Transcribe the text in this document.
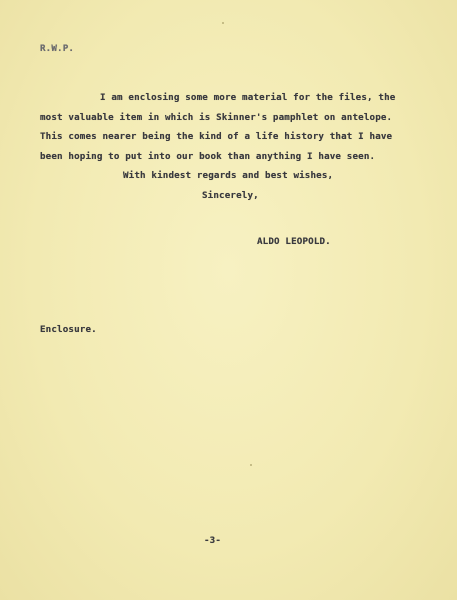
R.W.P.
I am enclosing some more material for the files, the
most valuable item in which is Skinner's pamphlet on antelope.
This comes nearer being the kind of a life history that I have
been hoping to put into our book than anything I have seen.
With kindest regards and best wishes,
Sincerely,
ALDO LEOPOLD.
Enclosure.
-3-
